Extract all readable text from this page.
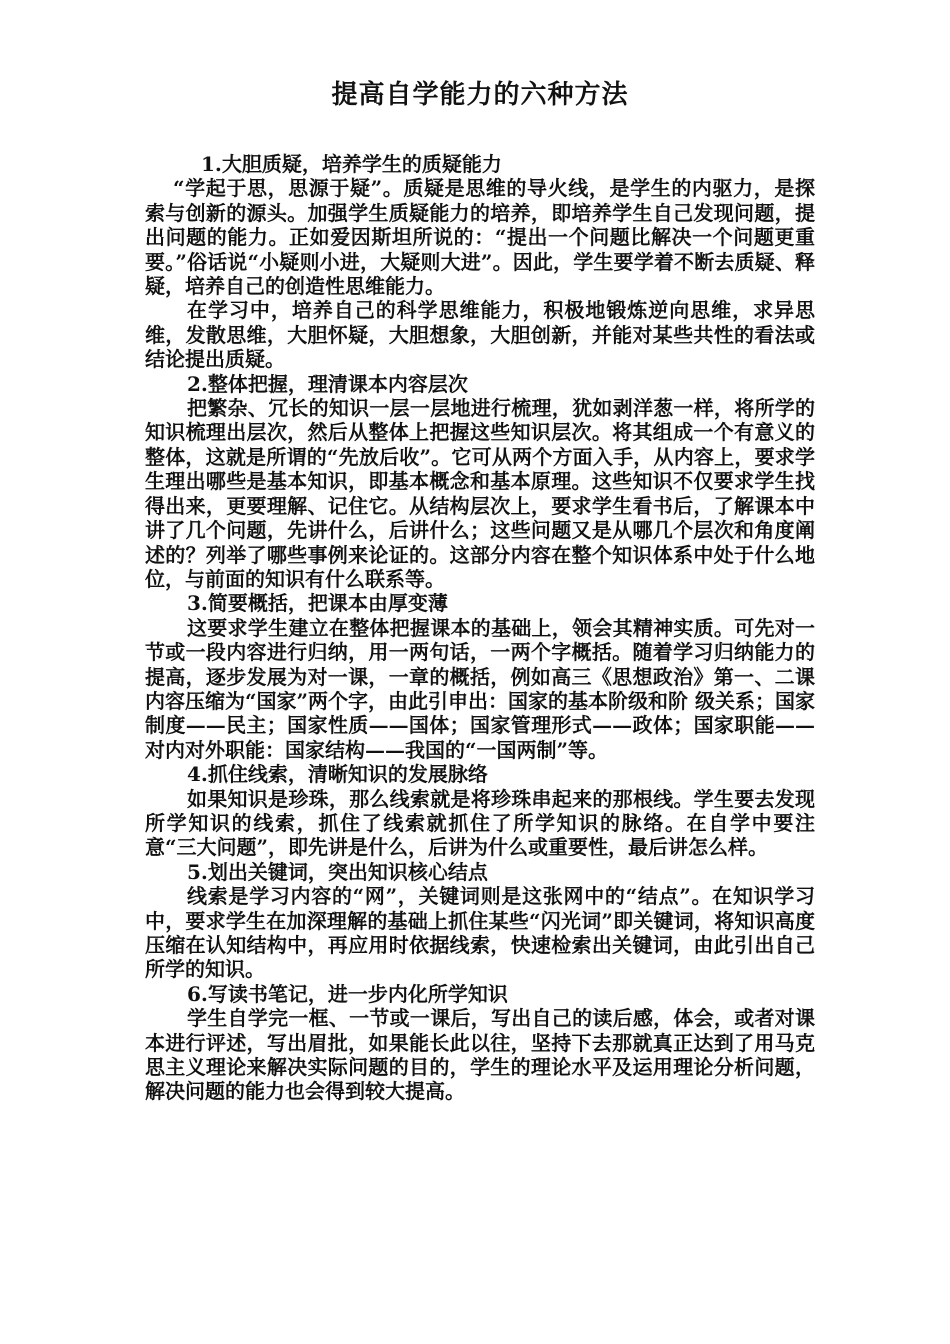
提高自学能力的六种方法

1.大胆质疑，培养学生的质疑能力

“学起于思，思源于疑”。质疑是思维的导火线，是学生的内驱力，是探索与创新的源头。加强学生质疑能力的培养，即培养学生自己发现问题，提出问题的能力。正如爱因斯坦所说的：“提出一个问题比解决一个问题更重要。”俗话说“小疑则小进，大疑则大进”。因此，学生要学着不断去质疑、释疑，培养自己的创造性思维能力。

在学习中，培养自己的科学思维能力，积极地锻炼逆向思维，求异思维，发散思维，大胆怀疑，大胆想象，大胆创新，并能对某些共性的看法或结论提出质疑。

2.整体把握，理清课本内容层次

把繁杂、冗长的知识一层一层地进行梳理，犹如剥洋葱一样，将所学的知识梳理出层次，然后从整体上把握这些知识层次。将其组成一个有意义的整体，这就是所谓的“先放后收”。它可从两个方面入手，从内容上，要求学生理出哪些是基本知识，即基本概念和基本原理。这些知识不仅要求学生找得出来，更要理解、记住它。从结构层次上，要求学生看书后，了解课本中讲了几个问题，先讲什么，后讲什么；这些问题又是从哪几个层次和角度阐述的？列举了哪些事例来论证的。这部分内容在整个知识体系中处于什么地位，与前面的知识有什么联系等。

3.简要概括，把课本由厚变薄

这要求学生建立在整体把握课本的基础上，领会其精神实质。可先对一节或一段内容进行归纳，用一两句话，一两个字概括。随着学习归纳能力的提高，逐步发展为对一课，一章的概括，例如高三《思想政治》第一、二课内容压缩为“国家”两个字，由此引申出：国家的基本阶级和阶 级关系；国家制度——民主；国家性质——国体；国家管理形式——政体；国家职能——对内对外职能：国家结构——我国的“一国两制”等。

4.抓住线索，清晰知识的发展脉络

如果知识是珍珠，那么线索就是将珍珠串起来的那根线。学生要去发现所学知识的线索，抓住了线索就抓住了所学知识的脉络。在自学中要注意“三大问题”，即先讲是什么，后讲为什么或重要性，最后讲怎么样。

5.划出关键词，突出知识核心结点

线索是学习内容的“网”，关键词则是这张网中的“结点”。在知识学习中，要求学生在加深理解的基础上抓住某些“闪光词”即关键词，将知识高度压缩在认知结构中，再应用时依据线索，快速检索出关键词，由此引出自己所学的知识。

6.写读书笔记，进一步内化所学知识

学生自学完一框、一节或一课后，写出自己的读后感，体会，或者对课本进行评述，写出眉批，如果能长此以往，坚持下去那就真正达到了用马克思主义理论来解决实际问题的目的，学生的理论水平及运用理论分析问题，解决问题的能力也会得到较大提高。
